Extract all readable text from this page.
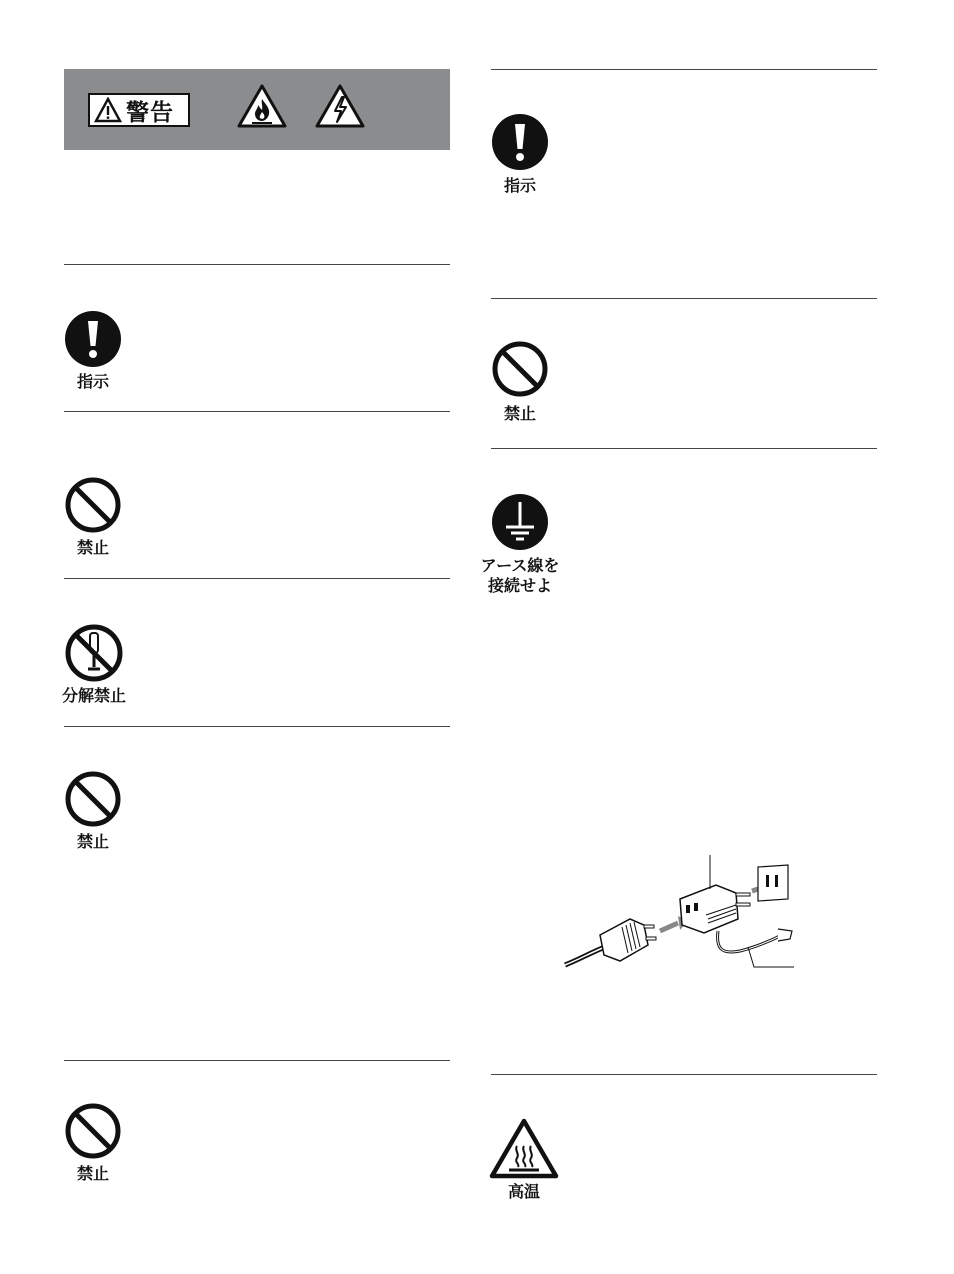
警告
指示
禁止
分解禁止
禁止
禁止
指示
禁止
アース線を
接続せよ
高温
